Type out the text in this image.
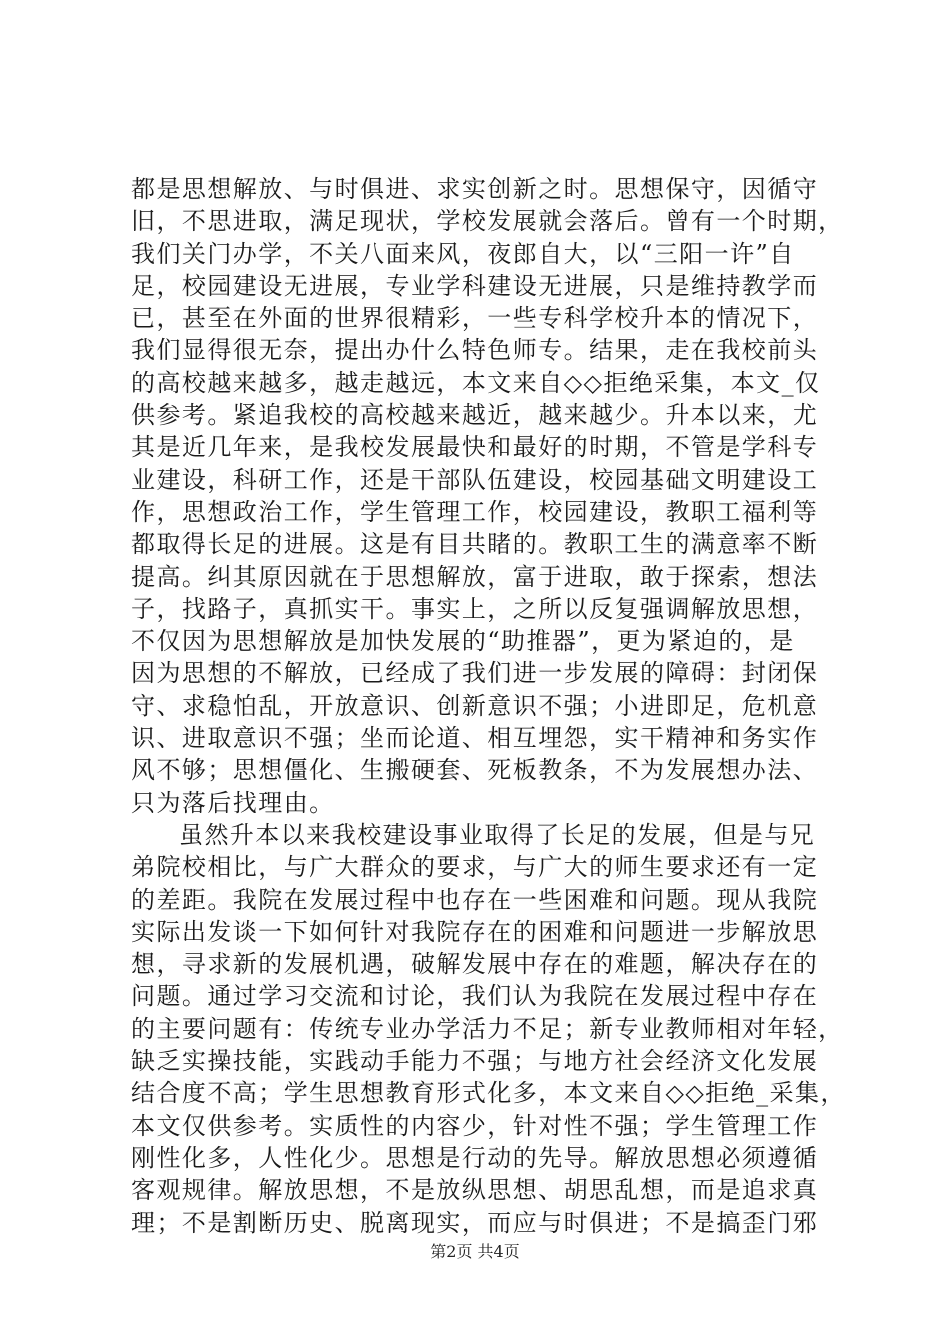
都是思想解放、与时俱进、求实创新之时。思想保守，因循守
旧，不思进取，满足现状，学校发展就会落后。曾有一个时期，
我们关门办学，不关八面来风，夜郎自大，以“三阳一许”自
足，校园建设无进展，专业学科建设无进展，只是维持教学而
已，甚至在外面的世界很精彩，一些专科学校升本的情况下，
我们显得很无奈，提出办什么特色师专。结果，走在我校前头
的高校越来越多，越走越远，本文来自◇◇拒绝采集，本文_仅
供参考。紧追我校的高校越来越近，越来越少。升本以来，尤
其是近几年来，是我校发展最快和最好的时期，不管是学科专
业建设，科研工作，还是干部队伍建设，校园基础文明建设工
作，思想政治工作，学生管理工作，校园建设，教职工福利等
都取得长足的进展。这是有目共睹的。教职工生的满意率不断
提高。纠其原因就在于思想解放，富于进取，敢于探索，想法
子，找路子，真抓实干。事实上，之所以反复强调解放思想，
不仅因为思想解放是加快发展的“助推器”，更为紧迫的，是
因为思想的不解放，已经成了我们进一步发展的障碍：封闭保
守、求稳怕乱，开放意识、创新意识不强；小进即足，危机意
识、进取意识不强；坐而论道、相互埋怨，实干精神和务实作
风不够；思想僵化、生搬硬套、死板教条，不为发展想办法、
只为落后找理由。
虽然升本以来我校建设事业取得了长足的发展，但是与兄
弟院校相比，与广大群众的要求，与广大的师生要求还有一定
的差距。我院在发展过程中也存在一些困难和问题。现从我院
实际出发谈一下如何针对我院存在的困难和问题进一步解放思
想，寻求新的发展机遇，破解发展中存在的难题，解决存在的
问题。通过学习交流和讨论，我们认为我院在发展过程中存在
的主要问题有：传统专业办学活力不足；新专业教师相对年轻，
缺乏实操技能，实践动手能力不强；与地方社会经济文化发展
结合度不高；学生思想教育形式化多，本文来自◇◇拒绝_采集，
本文仅供参考。实质性的内容少，针对性不强；学生管理工作
刚性化多，人性化少。思想是行动的先导。解放思想必须遵循
客观规律。解放思想，不是放纵思想、胡思乱想，而是追求真
理；不是割断历史、脱离现实，而应与时俱进；不是搞歪门邪
第2页 共4页
